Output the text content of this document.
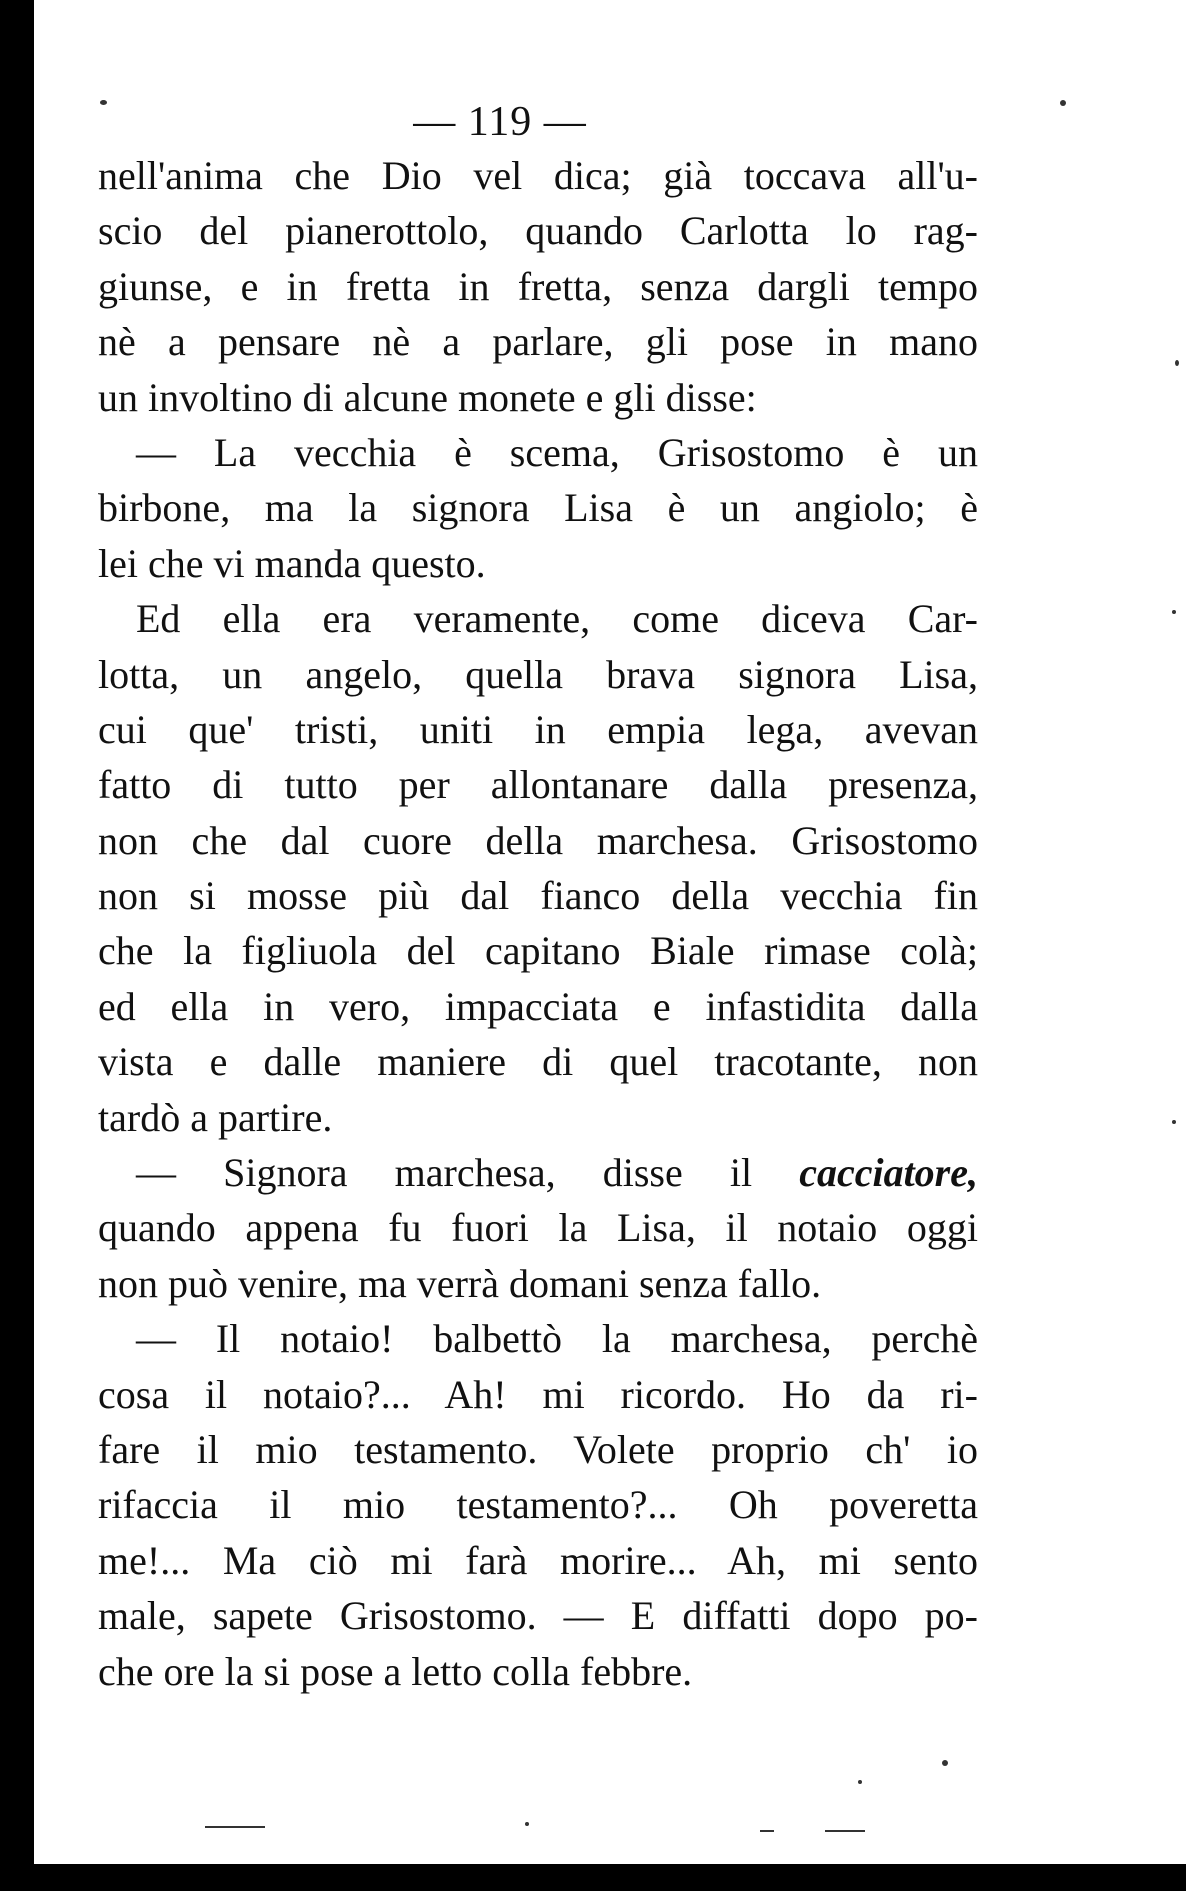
— 119 —
nell'anima che Dio vel dica; già toccava all'u-
scio del pianerottolo, quando Carlotta lo rag-
giunse, e in fretta in fretta, senza dargli tempo
nè a pensare nè a parlare, gli pose in mano
un involtino di alcune monete e gli disse:
— La vecchia è scema, Grisostomo è un
birbone, ma la signora Lisa è un angiolo; è
lei che vi manda questo.
Ed ella era veramente, come diceva Car-
lotta, un angelo, quella brava signora Lisa,
cui que' tristi, uniti in empia lega, avevan
fatto di tutto per allontanare dalla presenza,
non che dal cuore della marchesa. Grisostomo
non si mosse più dal fianco della vecchia fin
che la figliuola del capitano Biale rimase colà;
ed ella in vero, impacciata e infastidita dalla
vista e dalle maniere di quel tracotante, non
tardò a partire.
— Signora marchesa, disse il cacciatore,
quando appena fu fuori la Lisa, il notaio oggi
non può venire, ma verrà domani senza fallo.
— Il notaio! balbettò la marchesa, perchè
cosa il notaio?... Ah! mi ricordo. Ho da ri-
fare il mio testamento. Volete proprio ch' io
rifaccia il mio testamento?... Oh poveretta
me!... Ma ciò mi farà morire... Ah, mi sento
male, sapete Grisostomo. — E diffatti dopo po-
che ore la si pose a letto colla febbre.
